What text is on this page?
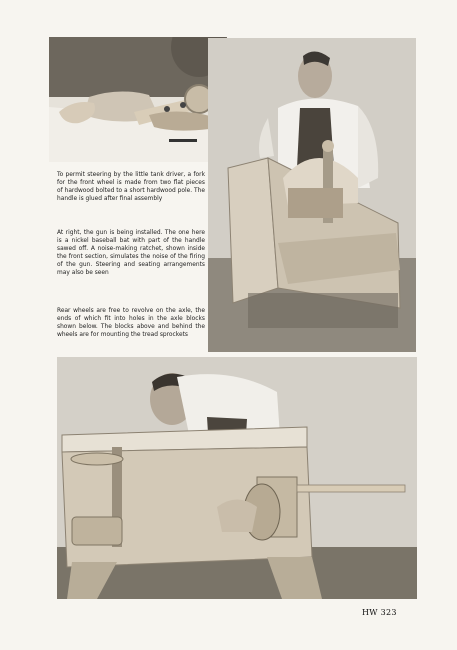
To permit steering by the little tank driver, a fork for the front wheel is made from two flat pieces of hardwood bolted to a short hardwood pole. The handle is glued after final assembly

At right, the gun is being installed. The one here is a nickel baseball bat with part of the handle sawed off. A noise-making ratchet, shown inside the front section, simulates the noise of the firing of the gun. Steering and seating arrangements may also be seen

Rear wheels are free to revolve on the axle, the ends of which fit into holes in the axle blocks shown below. The blocks above and behind the wheels are for mounting the tread sprockets

HW 323
